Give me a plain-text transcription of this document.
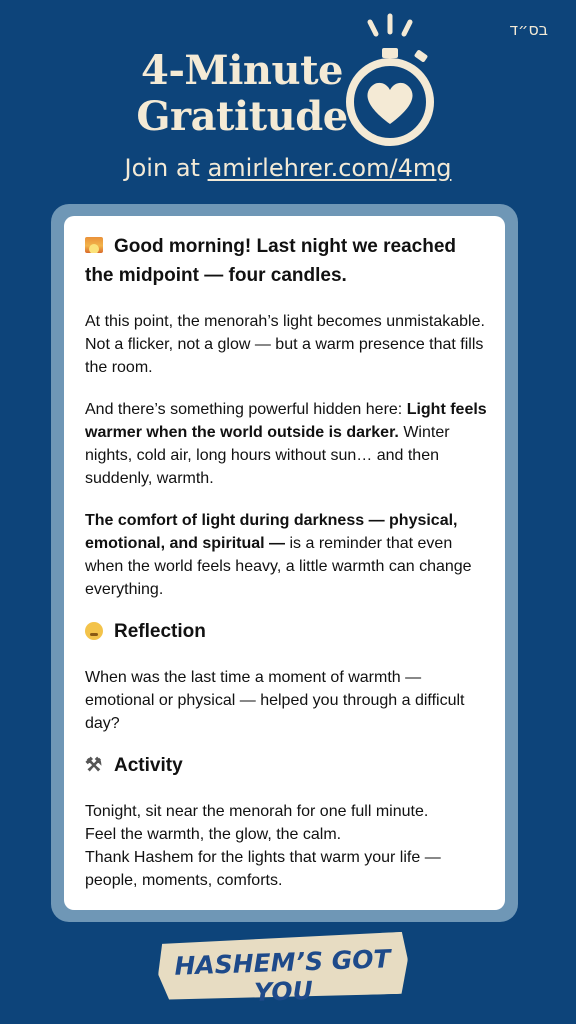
בס״ד
4-Minute
Gratitude
Join at amirlehrer.com/4mg
Good morning! Last night we reached the midpoint — four candles.

At this point, the menorah’s light becomes unmistakable. Not a flicker, not a glow — but a warm presence that fills the room.

And there’s something powerful hidden here: Light feels warmer when the world outside is darker. Winter nights, cold air, long hours without sun… and then suddenly, warmth.

The comfort of light during darkness — physical, emotional, and spiritual — is a reminder that even when the world feels heavy, a little warmth can change everything.

Reflection

When was the last time a moment of warmth — emotional or physical — helped you through a difficult day?

⚒ Activity

Tonight, sit near the menorah for one full minute.
Feel the warmth, the glow, the calm.
Thank Hashem for the lights that warm your life — people, moments, comforts.

HASHEM’S GOT YOU
